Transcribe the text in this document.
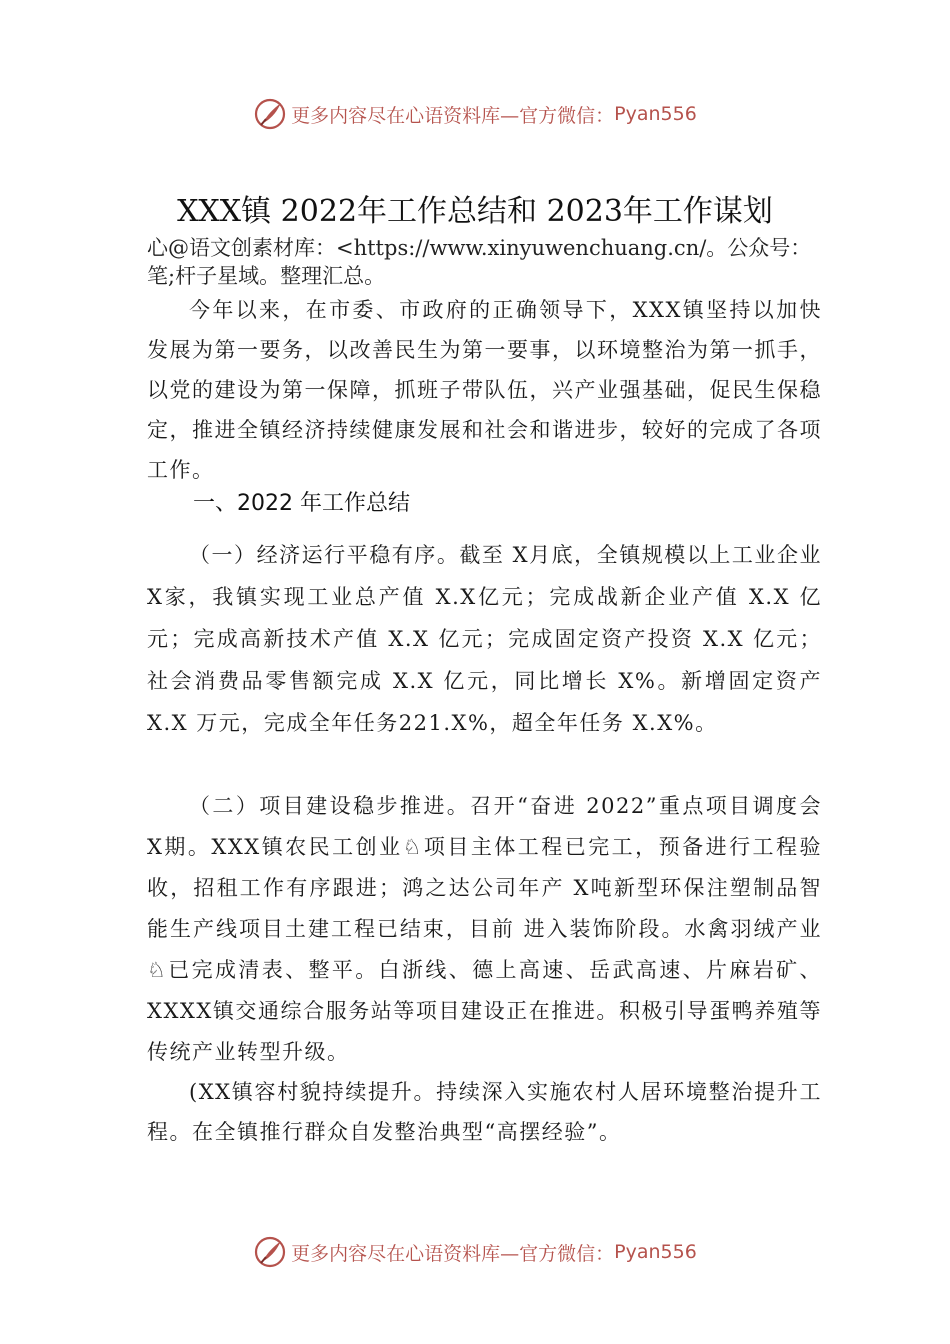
更多内容尽在心语资料库—官方微信： Pyan556
XXX镇 2022年工作总结和 2023年工作谋划
心@语文创素材库：<https://www.xinyuwenchuang.cn/。公众号：笔;杆子星域。整理汇总。

今年以来，在市委、市政府的正确领导下，XXX镇坚持以加快发展为第一要务，以改善民生为第一要事，以环境整治为第一抓手，以党的建设为第一保障，抓班子带队伍，兴产业强基础，促民生保稳定，推进全镇经济持续健康发展和社会和谐进步，较好的完成了各项工作。

一、2022 年工作总结

（一）经济运行平稳有序。截至 X月底，全镇规模以上工业企业 X家，我镇实现工业总产值 X.X亿元；完成战新企业产值 X.X 亿元；完成高新技术产值 X.X 亿元；完成固定资产投资 X.X 亿元；社会消费品零售额完成 X.X 亿元，同比增长 X%。新增固定资产 X.X 万元，完成全年任务221.X%，超全年任务 X.X%。

（二）项目建设稳步推进。召开“奋进 2022”重点项目调度会 X期。XXX镇农民工创业♘项目主体工程已完工，预备进行工程验收，招租工作有序跟进；鸿之达公司年产 X吨新型环保注塑制品智能生产线项目土建工程已结束，目前 进入装饰阶段。水禽羽绒产业♘已完成清表、整平。白浙线、德上高速、岳武高速、片麻岩矿、XXXX镇交通综合服务站等项目建设正在推进。积极引导蛋鸭养殖等传统产业转型升级。

(XX镇容村貌持续提升。持续深入实施农村人居环境整治提升工程。在全镇推行群众自发整治典型“高摆经验”。

更多内容尽在心语资料库—官方微信： Pyan556
